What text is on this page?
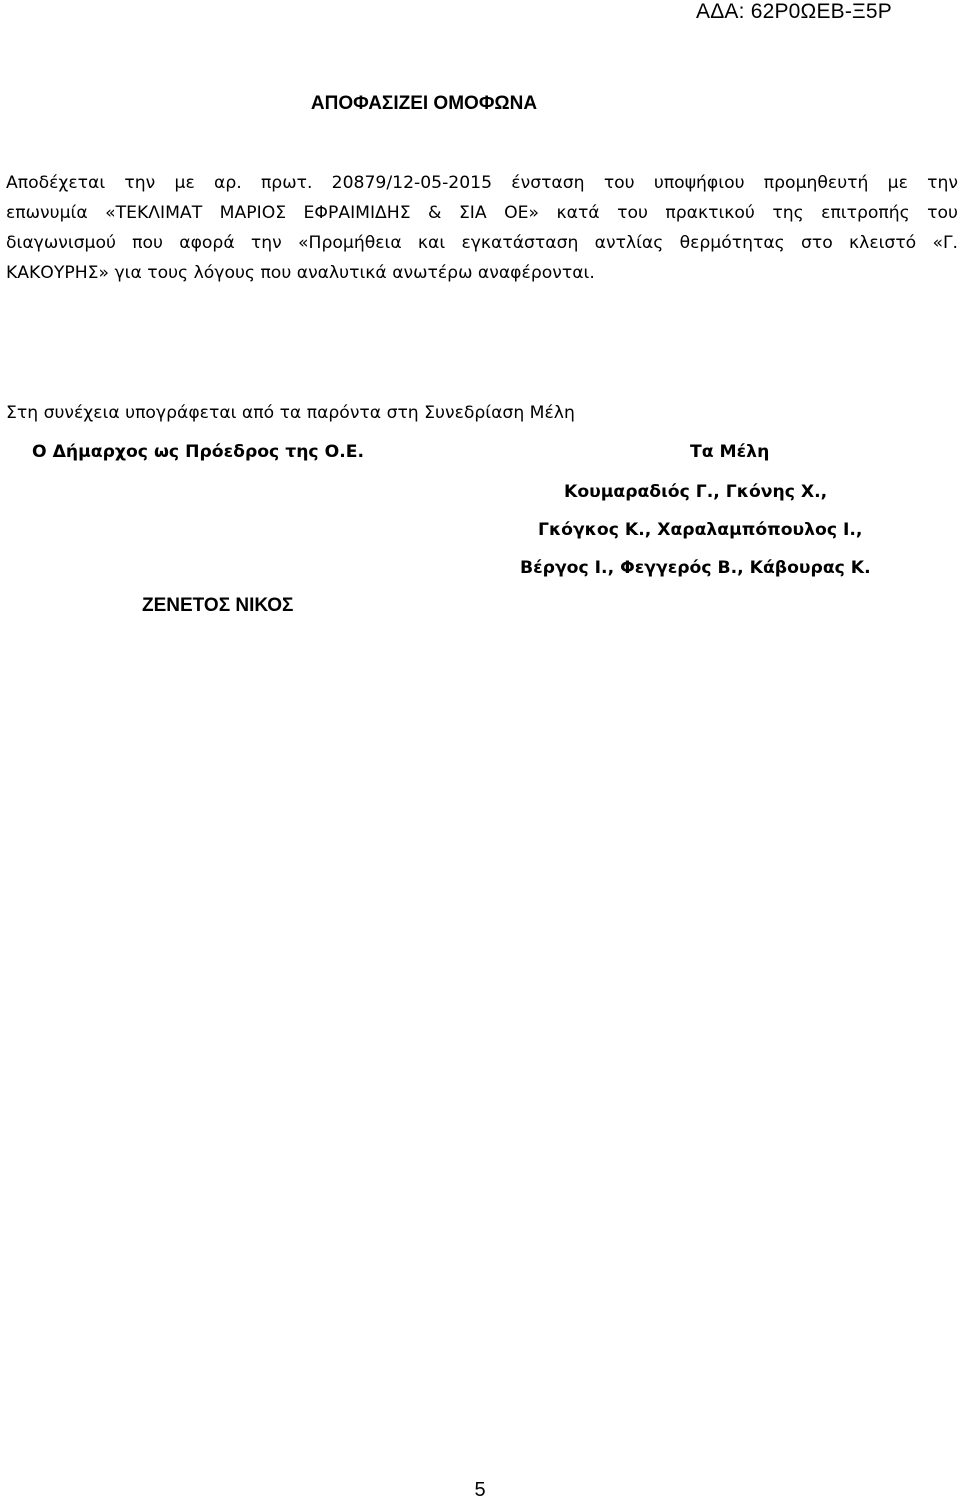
ΑΔΑ: 62Ρ0ΩΕΒ-Ξ5Ρ
ΑΠΟΦΑΣΙΖΕΙ ΟΜΟΦΩΝΑ
Αποδέχεται την με αρ. πρωτ. 20879/12-05-2015 ένσταση του υποψήφιου προμηθευτή με την
επωνυμία «ΤΕΚΛΙΜΑΤ ΜΑΡΙΟΣ ΕΦΡΑΙΜΙΔΗΣ & ΣΙΑ ΟΕ» κατά του πρακτικού της επιτροπής του
διαγωνισμού που αφορά την «Προμήθεια και εγκατάσταση αντλίας θερμότητας στο κλειστό «Γ.
ΚΑΚΟΥΡΗΣ» για τους λόγους που αναλυτικά ανωτέρω αναφέρονται.
Στη συνέχεια υπογράφεται από τα παρόντα στη Συνεδρίαση Μέλη
Ο Δήμαρχος ως Πρόεδρος της Ο.Ε.	Τα Μέλη
Κουμαραδιός Γ., Γκόνης Χ.,
Γκόγκος Κ., Χαραλαμπόπουλος Ι.,
Βέργος Ι., Φεγγερός Β., Κάβουρας Κ.
ΖΕΝΕΤΟΣ ΝΙΚΟΣ
5
